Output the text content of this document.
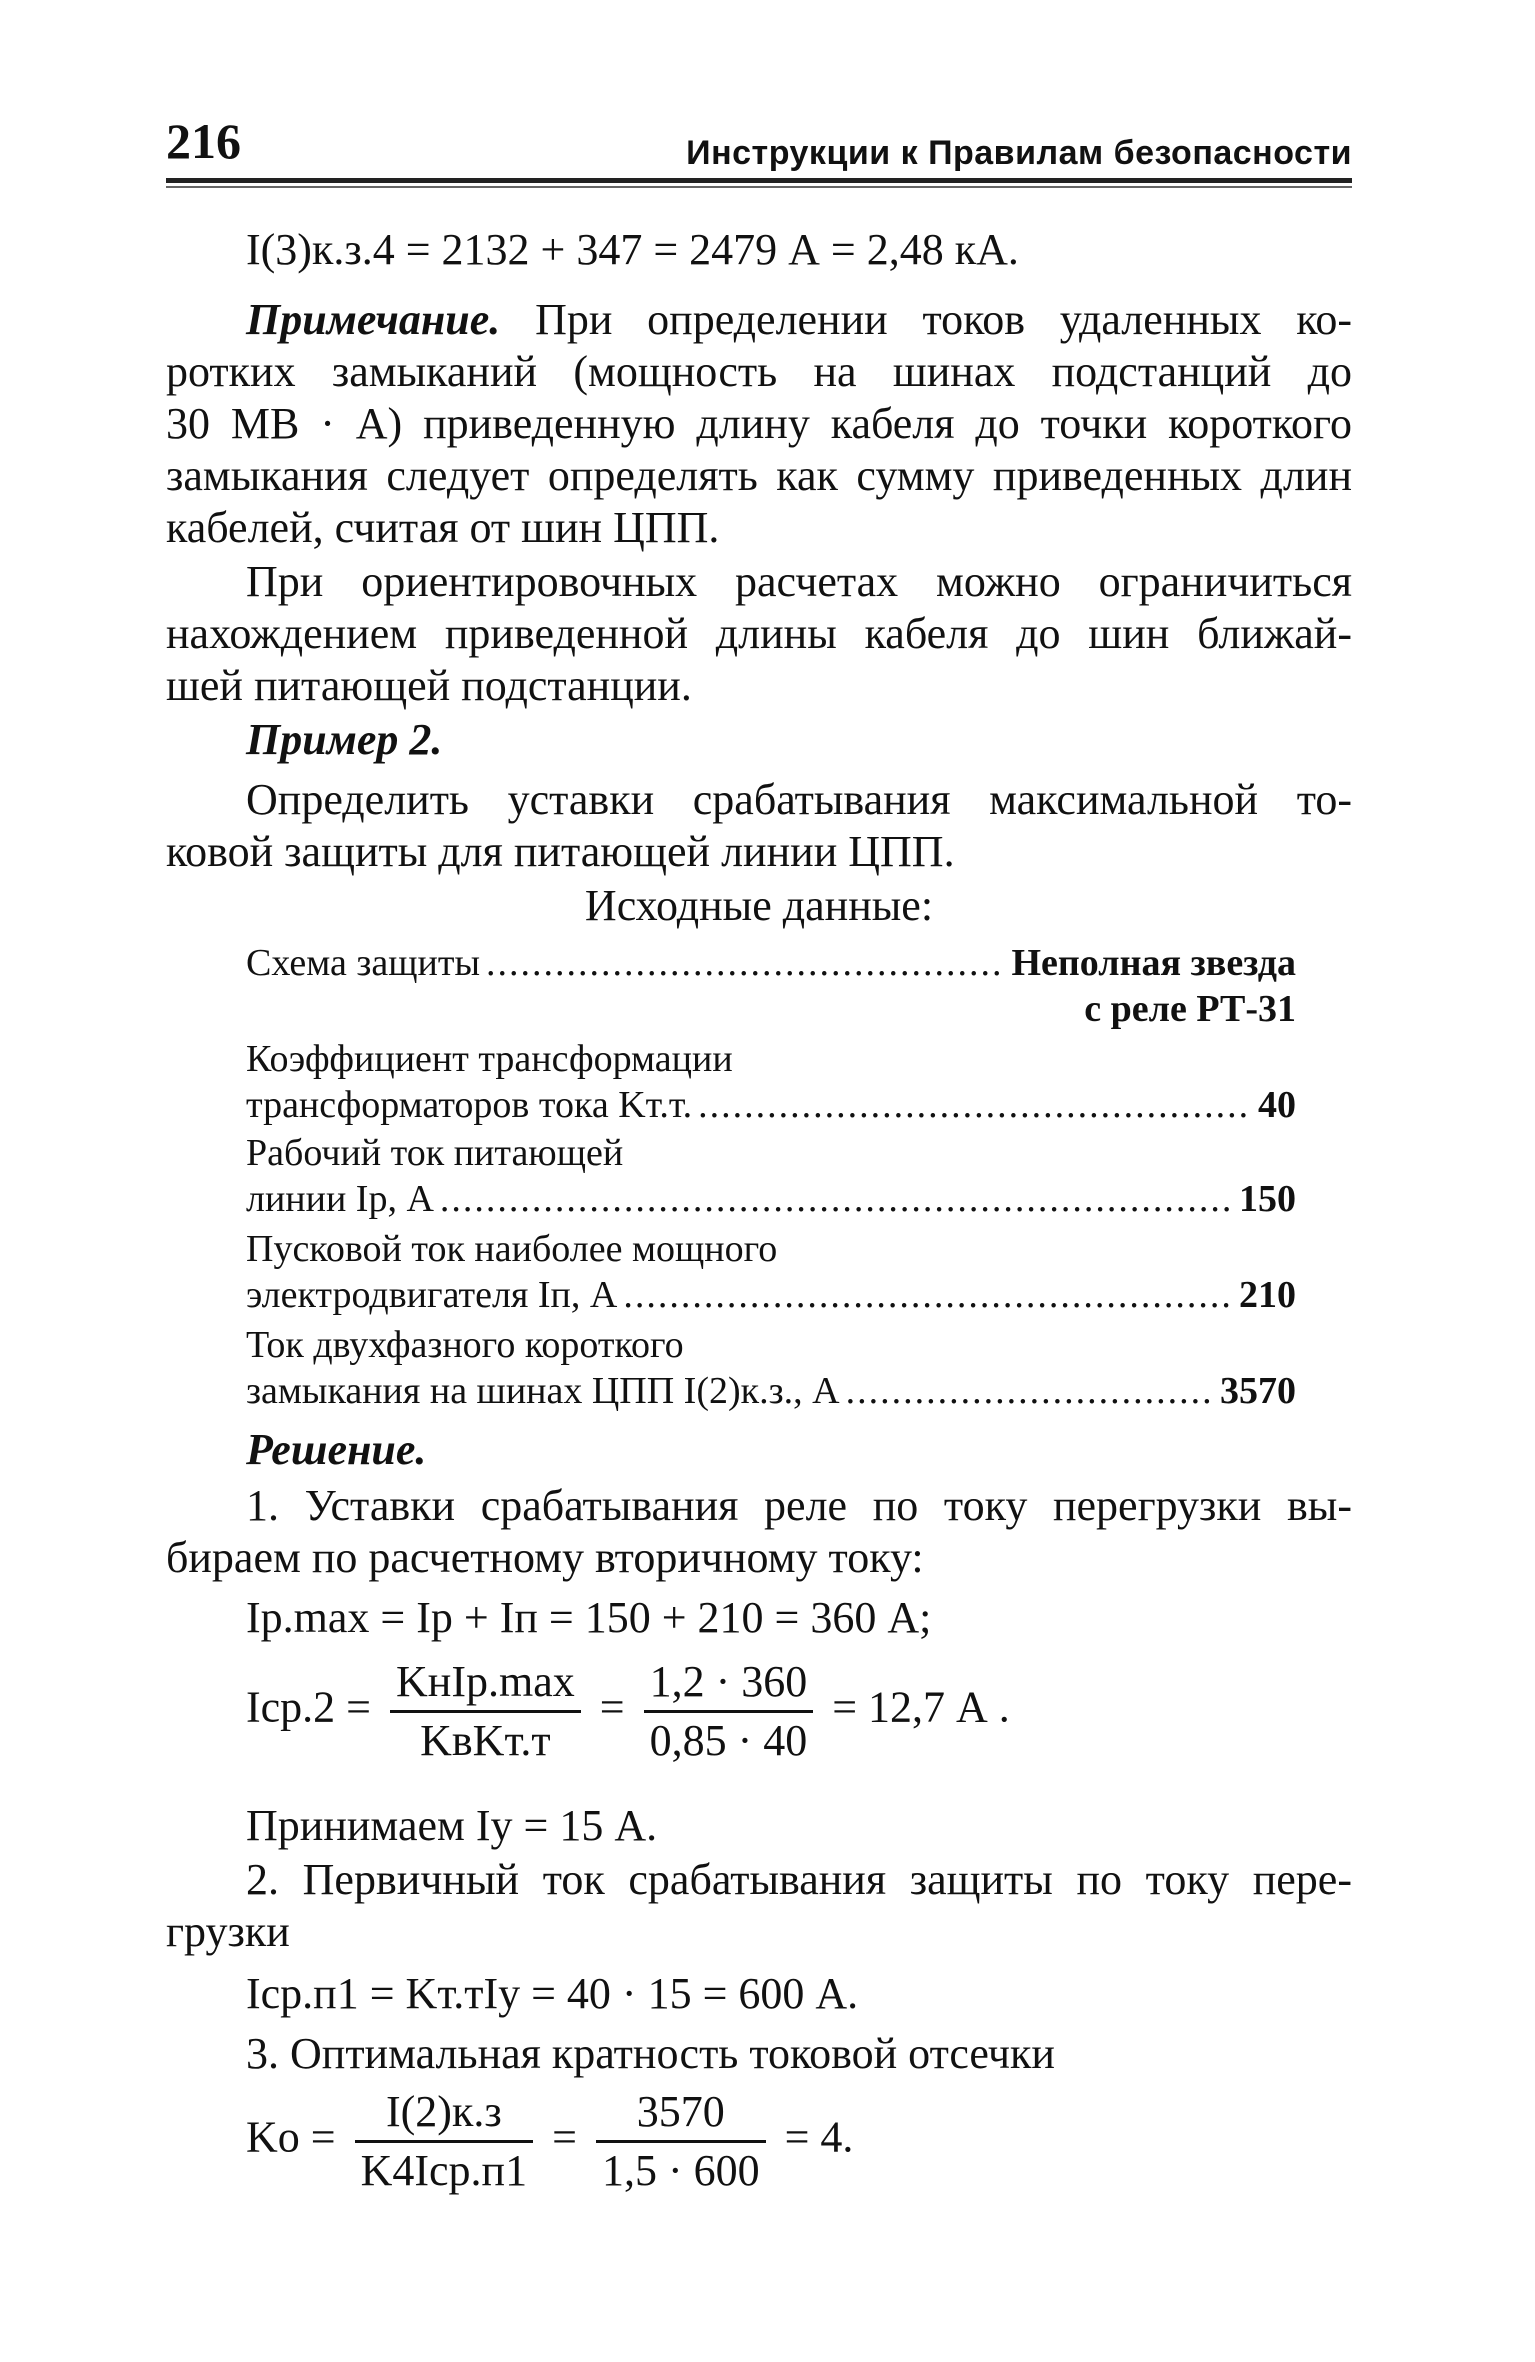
216	Инструкции к Правилам безопасности
I(3)к.з.4 = 2132 + 347 = 2479 А = 2,48 кА.
Примечание. При определении токов удаленных ко-
ротких замыканий (мощность на шинах подстанций до
30 МВ · А) приведенную длину кабеля до точки короткого
замыкания следует определять как сумму приведенных длин
кабелей, считая от шин ЦПП.
При ориентировочных расчетах можно ограничиться
нахождением приведенной длины кабеля до шин ближай-
шей питающей подстанции.
Пример 2.
Определить уставки срабатывания максимальной то-
ковой защиты для питающей линии ЦПП.
Исходные данные:
Схема защиты .....	Неполная звезда
с реле РТ-31
Коэффициент трансформации
трансформаторов тока Kт.т. .....	40
Рабочий ток питающей
линии Iр, А .....	150
Пусковой ток наиболее мощного
электродвигателя Iп, А .....	210
Ток двухфазного короткого
замыкания на шинах ЦПП I(2)к.з., А .....	3570
Решение.
1. Уставки срабатывания реле по току перегрузки вы-
бираем по расчетному вторичному току:
Iр.max = Iр + Iп = 150 + 210 = 360 А;
$Iср.2 = \frac{\text{KнIр.max}}{\text{KвKт.т}} = \frac{1,2 \cdot 360}{0,85 \cdot 40} = 12,7$ А .
Принимаем Iу = 15 А.
2. Первичный ток срабатывания защиты по току пере-
грузки
Iср.п1 = Kт.тIу = 40 · 15 = 600 А.
3. Оптимальная кратность токовой отсечки
Kо = $\frac{I(2)к.з}{\text{K4Iср.п1}} = \frac{3570}{1,5 \cdot 600} = 4$.
